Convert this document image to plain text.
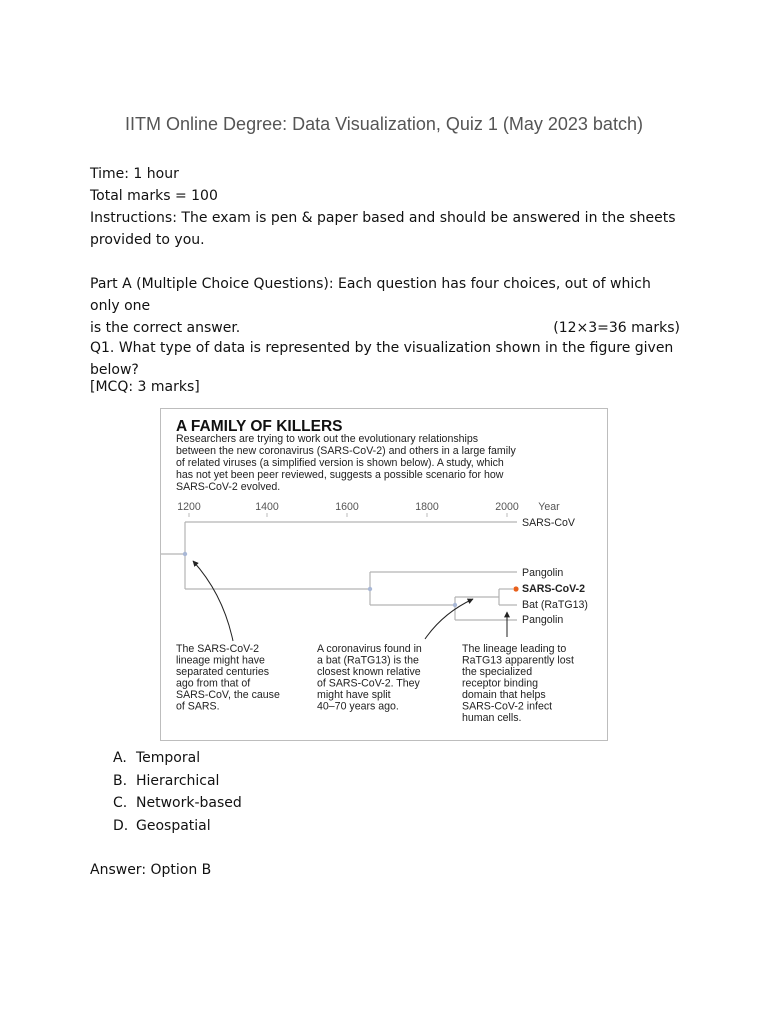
IITM Online Degree: Data Visualization, Quiz 1 (May 2023 batch)
Time: 1 hour
Total marks = 100
Instructions: The exam is pen & paper based and should be answered in the sheets
provided to you.
Part A (Multiple Choice Questions): Each question has four choices, out of which only one
is the correct answer.	(12×3=36 marks)
Q1. What type of data is represented by the visualization shown in the figure given below?
[MCQ: 3 marks]
A FAMILY OF KILLERS
Researchers are trying to work out the evolutionary relationships
between the new coronavirus (SARS-CoV-2) and others in a large family
of related viruses (a simplified version is shown below). A study, which
has not yet been peer reviewed, suggests a possible scenario for how
SARS-CoV-2 evolved.
1200	1400	1600	1800	2000 Year
SARS-CoV
Pangolin
SARS-CoV-2
Bat (RaTG13)
Pangolin
The SARS-CoV-2
lineage might have
separated centuries
ago from that of
SARS-CoV, the cause
of SARS.
A coronavirus found in
a bat (RaTG13) is the
closest known relative
of SARS-CoV-2. They
might have split
40–70 years ago.
The lineage leading to
RaTG13 apparently lost
the specialized
receptor binding
domain that helps
SARS-CoV-2 infect
human cells.
A. Temporal
B. Hierarchical
C. Network-based
D. Geospatial
Answer: Option B
